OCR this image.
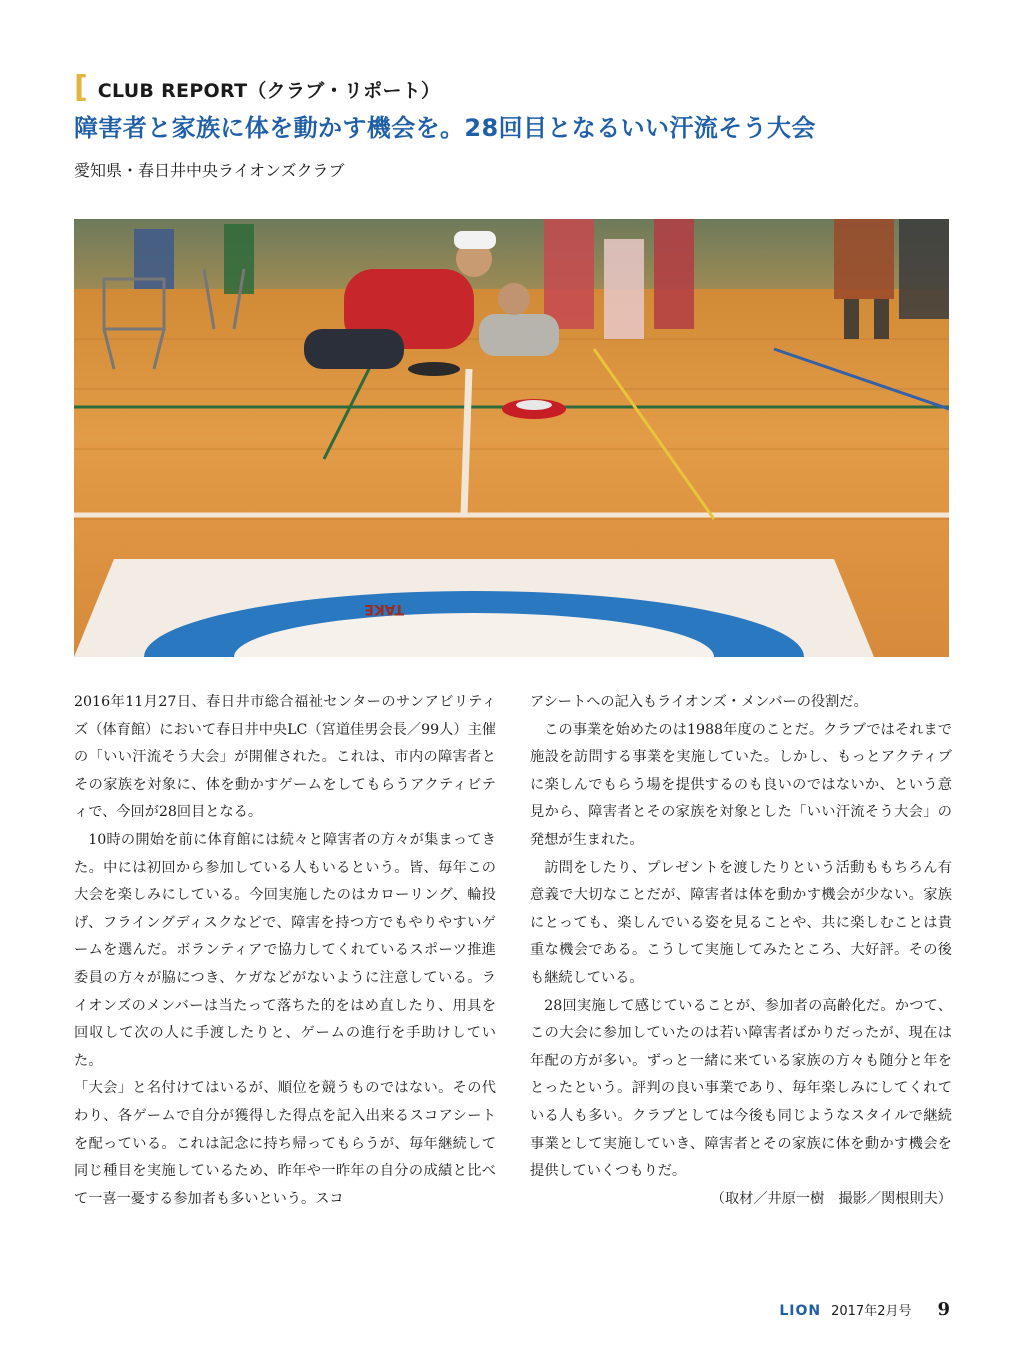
[ CLUB REPORT（クラブ・リポート）
障害者と家族に体を動かす機会を。28回目となるいい汗流そう大会
愛知県・春日井中央ライオンズクラブ
TAKE

2016年11月27日、春日井市総合福祉センターのサンアビリティズ（体育館）において春日井中央LC（宮道佳男会長／99人）主催の「いい汗流そう大会」が開催された。これは、市内の障害者とその家族を対象に、体を動かすゲームをしてもらうアクティビティで、今回が28回目となる。

10時の開始を前に体育館には続々と障害者の方々が集まってきた。中には初回から参加している人もいるという。皆、毎年この大会を楽しみにしている。今回実施したのはカローリング、輪投げ、フライングディスクなどで、障害を持つ方でもやりやすいゲームを選んだ。ボランティアで協力してくれているスポーツ推進委員の方々が脇につき、ケガなどがないように注意している。ライオンズのメンバーは当たって落ちた的をはめ直したり、用具を回収して次の人に手渡したりと、ゲームの進行を手助けしていた。

「大会」と名付けてはいるが、順位を競うものではない。その代わり、各ゲームで自分が獲得した得点を記入出来るスコアシートを配っている。これは記念に持ち帰ってもらうが、毎年継続して同じ種目を実施しているため、昨年や一昨年の自分の成績と比べて一喜一憂する参加者も多いという。スコ

アシートへの記入もライオンズ・メンバーの役割だ。

この事業を始めたのは1988年度のことだ。クラブではそれまで施設を訪問する事業を実施していた。しかし、もっとアクティブに楽しんでもらう場を提供するのも良いのではないか、という意見から、障害者とその家族を対象とした「いい汗流そう大会」の発想が生まれた。

訪問をしたり、プレゼントを渡したりという活動ももちろん有意義で大切なことだが、障害者は体を動かす機会が少ない。家族にとっても、楽しんでいる姿を見ることや、共に楽しむことは貴重な機会である。こうして実施してみたところ、大好評。その後も継続している。

28回実施して感じていることが、参加者の高齢化だ。かつて、この大会に参加していたのは若い障害者ばかりだったが、現在は年配の方が多い。ずっと一緒に来ている家族の方々も随分と年をとったという。評判の良い事業であり、毎年楽しみにしてくれている人も多い。クラブとしては今後も同じようなスタイルで継続事業として実施していき、障害者とその家族に体を動かす機会を提供していくつもりだ。

（取材／井原一樹　撮影／関根則夫）

LION 2017年2月号 9
